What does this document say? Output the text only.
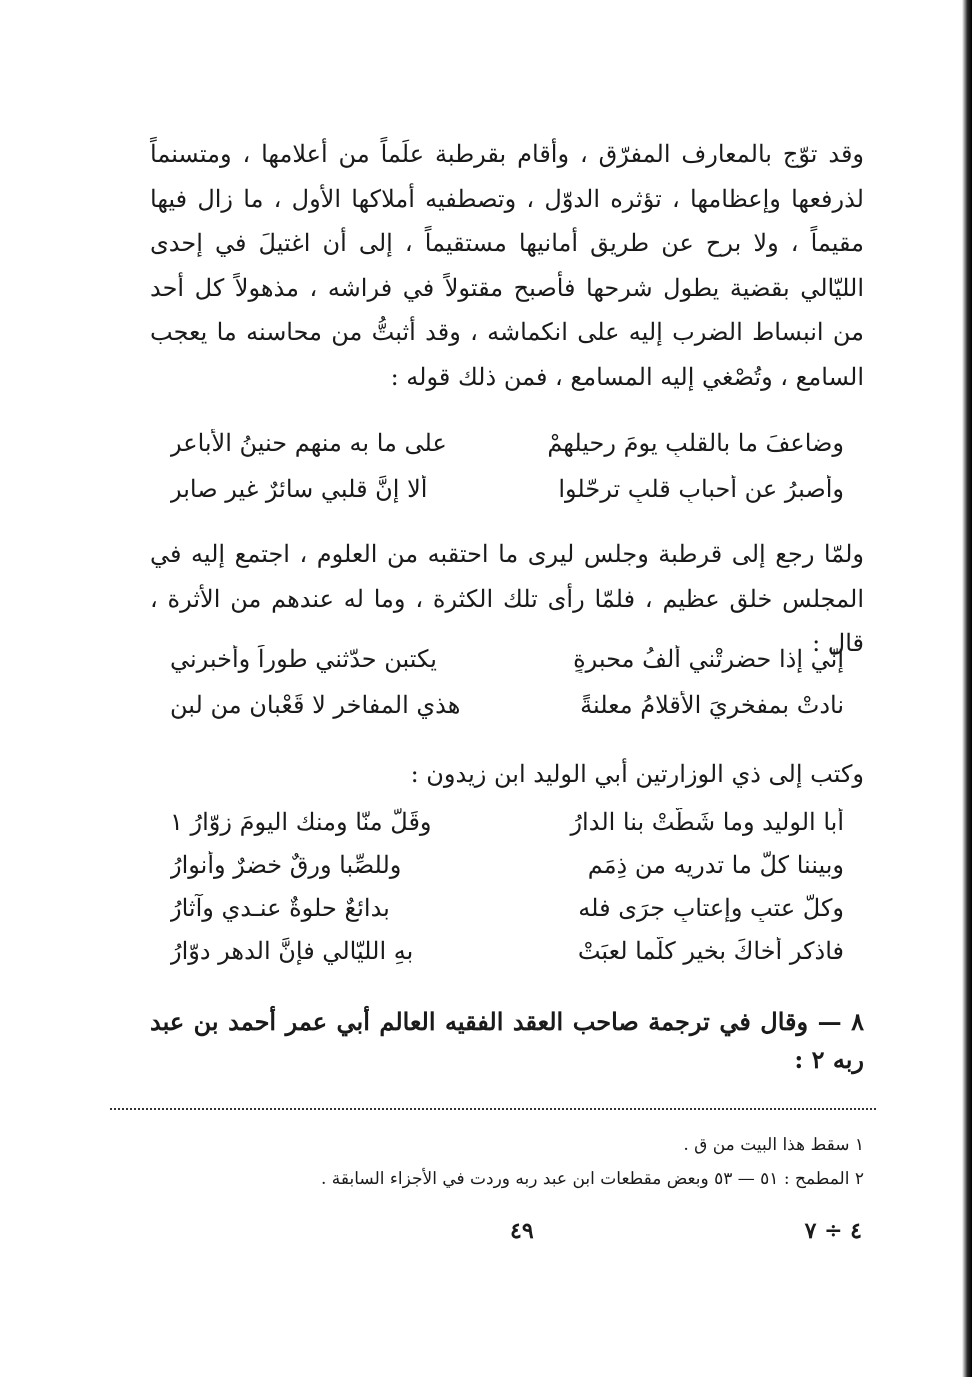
وقد توّج بالمعارف المفرّق ، وأقام بقرطبة علَماً من أعلامها ، ومتسنماً لذرفعها وإعظامها ، تؤثره الدوّل ، وتصطفيه أملاكها الأول ، ما زال فيها مقيماً ، ولا برح عن طريق أمانيها مستقيماً ، إلى أن اغتيلَ في إحدى الليّالي بقضية يطول شرحها فأصبح مقتولاً في فراشه ، مذهولاً كل أحد من انبساط الضرب إليه على انكماشه ، وقد أثبتُّ من محاسنه ما يعجب السامع ، وتُصْغي إليه المسامع ، فمن ذلك قوله :
وضاعفَ ما بالقلبِ يومَ رحيلهمْ
على ما به منهم حنينُ الأباعرِ
وأصبرُ عن أحبابِ قلبٍ ترحّلوا
ألا إنَّ قلبي سائرٌ غير صابرِ
ولمّا رجع إلى قرطبة وجلس ليرى ما احتقبه من العلوم ، اجتمع إليه في المجلس خلق عظيم ، فلمّا رأى تلك الكثرة ، وما له عندهم من الأثرة ، قال :
إنّي إذا حضرتْني ألفُ محبرةٍ
يكتبن حدّثني طوراً وأخبرني
نادتْ بمفخريَ الأقلامُ معلنةً
هذي المفاخر لا قَعْبانِ من لبنِ
وكتب إلى ذي الوزارتين أبي الوليد ابن زيدون :
أبا الوليد وما شَطّتْ بنا الدارُ
وقَلَّ منّا ومنك اليومَ زوّارُ ١
وبيننا كلُّ ما تدريه من ذِمَمٍ
وللصِّبا ورقٌ خضرٌ وأنوارُ
وكلُّ عتبٍ وإعتابٍ جرَى فله
بدائعٌ حلوةٌ عنـدي وآثارُ
فاذكر أخاكَ بخيرٍ كلّما لعبَتْ
بهِ الليّالي فإنَّ الدهر دوّارُ
٨ — وقال في ترجمة صاحب العقد الفقيه العالم أبي عمر أحمد بن عبد ربه ٢ :
١ سقط هذا البيت من ق .
٢ المطمح : ٥١ — ٥٣ وبعض مقطعات ابن عبد ربه وردت في الأجزاء السابقة .
٤٩	٤ ÷ ٧
